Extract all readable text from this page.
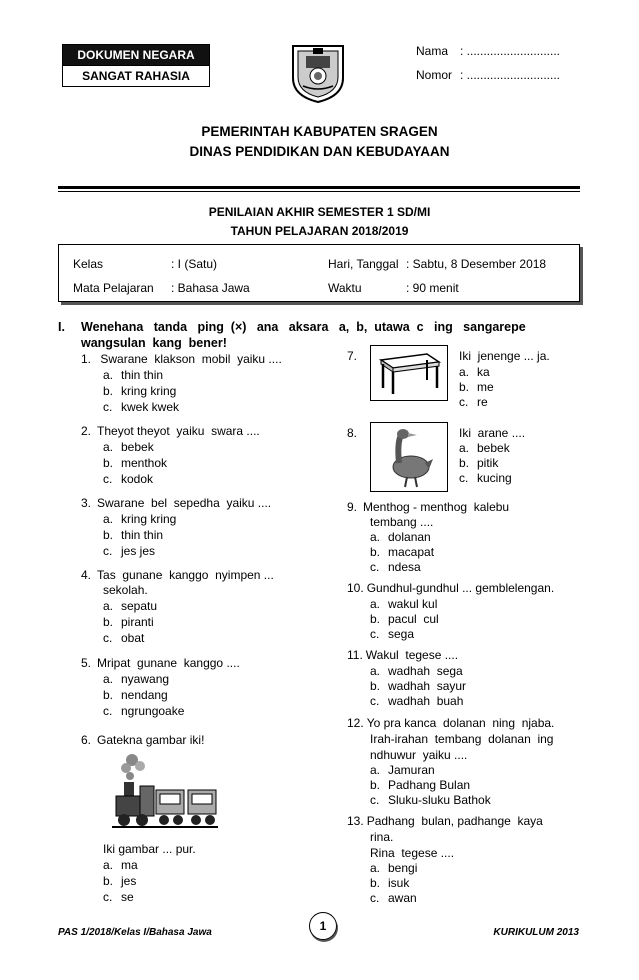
DOKUMEN NEGARA
SANGAT RAHASIA
Nama : ............................
Nomor : ............................
PEMERINTAH KABUPATEN SRAGEN
DINAS PENDIDIKAN DAN KEBUDAYAAN
PENILAIAN AKHIR SEMESTER 1 SD/MI
TAHUN PELAJARAN 2018/2019
Kelas	: I (Satu)	Hari, Tanggal : Sabtu, 8 Desember 2018
Mata Pelajaran : Bahasa Jawa	Waktu	: 90 menit
I. Wenehana   tanda   ping  (×)   ana   aksara   a,  b,  utawa  c   ing   sangarepe
wangsulan  kang  bener!
1. Swarane  klakson  mobil  yaiku ....
a. thin thin
b. kring kring
c. kwek kwek
2. Theyot theyot  yaiku  swara ....
a. bebek
b. menthok
c. kodok
3. Swarane  bel  sepedha  yaiku ....
a. kring kring
b. thin thin
c. jes jes
4. Tas  gunane  kanggo  nyimpen ...
sekolah.
a. sepatu
b. piranti
c. obat
5. Mripat  gunane  kanggo ....
a. nyawang
b. nendang
c. ngrungoake
6. Gatekna gambar iki!
Iki gambar ... pur.
a. ma
b. jes
c. se
7.	Iki  jenenge ... ja.
a. ka
b. me
c. re
8.	Iki  arane ....
a. bebek
b. pitik
c. kucing
9. Menthog - menthog  kalebu
tembang ....
a. dolanan
b. macapat
c. ndesa
10. Gundhul-gundhul ... gemblelengan.
a. wakul kul
b. pacul  cul
c. sega
11. Wakul  tegese ....
a. wadhah  sega
b. wadhah  sayur
c. wadhah  buah
12. Yo pra kanca  dolanan  ning  njaba.
Irah-irahan  tembang  dolanan  ing
ndhuwur  yaiku ....
a. Jamuran
b. Padhang Bulan
c. Sluku-sluku Bathok
13. Padhang  bulan, padhange  kaya
rina.
Rina  tegese ....
a. bengi
b. isuk
c. awan
PAS 1/2018/Kelas I/Bahasa Jawa	1	KURIKULUM 2013
